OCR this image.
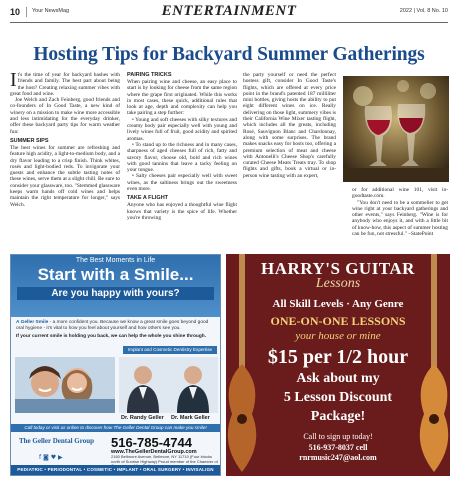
10 Your NewsMag	ENTERTAINMENT	2022 | Vol. 8 No. 10
Hosting Tips for Backyard Summer Gatherings

It's the time of year for backyard bashes with friends and family. The best part about being the host? Creating relaxing summer vibes with great food and wine.

Joe Welch and Zach Feinberg, good friends and co-founders of In Good Taste, a new kind of winery on a mission to make wine more accessible and less intimidating for the everyday drinker, offer these backyard party tips for warm weather fun:

SUMMER SIPS

The best wines for summer are refreshing and feature high acidity, a light-to-medium body, and a dry flavor leading to a crisp finish. Think whites, rosés and light-bodied reds. To invigorate your guests and enhance the subtle tasting notes of these wines, serve them at a slight chill. Be sure to consider your glassware, too. "Stemmed glassware keeps warm hands off cold wines and helps maintain the right temperature for longer," says Welch.

PAIRING TRICKS

When pairing wine and cheese, an easy place to start is by looking for cheese from the same region where the grape first originated. While this works in most cases, these quick, additional rules that look at age, depth and complexity can help you take pairing a step further:

• Young and soft cheeses with silky textures and creamy body pair especially well with young and lively wines full of fruit, good acidity and spirited aromas.

• To stand up to the richness and in many cases, sharpness of aged cheeses full of rich, fatty and savory flavor, choose old, bold and rich wines with good tannins that leave a tacky feeling on your tongue.

• Salty cheeses pair especially well with sweet wines, as the saltiness brings out the sweetness even more.

TAKE A FLIGHT

Anyone who has enjoyed a thoughtful wine flight knows that variety is the spice of life. Whether you're throwing

the party yourself or need the perfect hostess gift, consider In Good Taste's flights, which are offered at every price point in the brand's patented 187 milliliter mini bottles, giving hosts the ability to put eight different wines on ice. Really delivering on those light, summery vibes is their California Wine Mixer tasting flight, which includes all the greats, including Rosé, Sauvignon Blanc and Chardonnay, along with some surprises. The brand makes snacks easy for hosts too, offering a premium selection of meat and cheese with Antonelli's Cheese Shop's carefully curated Cheese Meats Treats tray. To shop flights and gifts, book a virtual or in-person wine tasting with an expert,

or for additional wine 101, visit ingoodtaste.com.

"You don't need to be a sommelier to get wine right at your backyard gatherings and other events," says Feinberg. "Wine is for anybody who enjoys it, and with a little bit of know-how, this aspect of summer hosting can be fun, not stressful." –StatePoint

The Best Moments in Life
Start with a Smile...
Are you happy with yours?
A Geller Smile - a more confident you. Because we know a great smile goes beyond good oral hygiene - it's vital to how you feel about yourself and how others see you.
If your current smile is holding you back, we can help the whole you shine through.
Implant and Cosmetic Dentistry Expertise
Dr. Randy Geller Dr. Mark Geller
Call today or visit us online to discover how The Geller Dental Group can make you smile!
The Geller Dental Group
f ◙ ♥ ▶
516-785-4744
www.TheGellerDentalGroup.com
2160 Bellmore Avenue, Bellmore, NY 11710 (Four blocks north of Sunrise Highway) Proud member of the Chamber of
PEDIATRIC • PERIODONTAL • COSMETIC • IMPLANT • ORAL SURGERY • INVISALIGN
HARRY'S GUITAR
Lessons
All Skill Levels · Any Genre
ONE-ON-ONE LESSONS
your house or mine
$15 per 1/2 hour
Ask about my
5 Lesson Discount
Package!
Call to sign up today!
516-937-8037 cell
rnrmusic247@aol.com
